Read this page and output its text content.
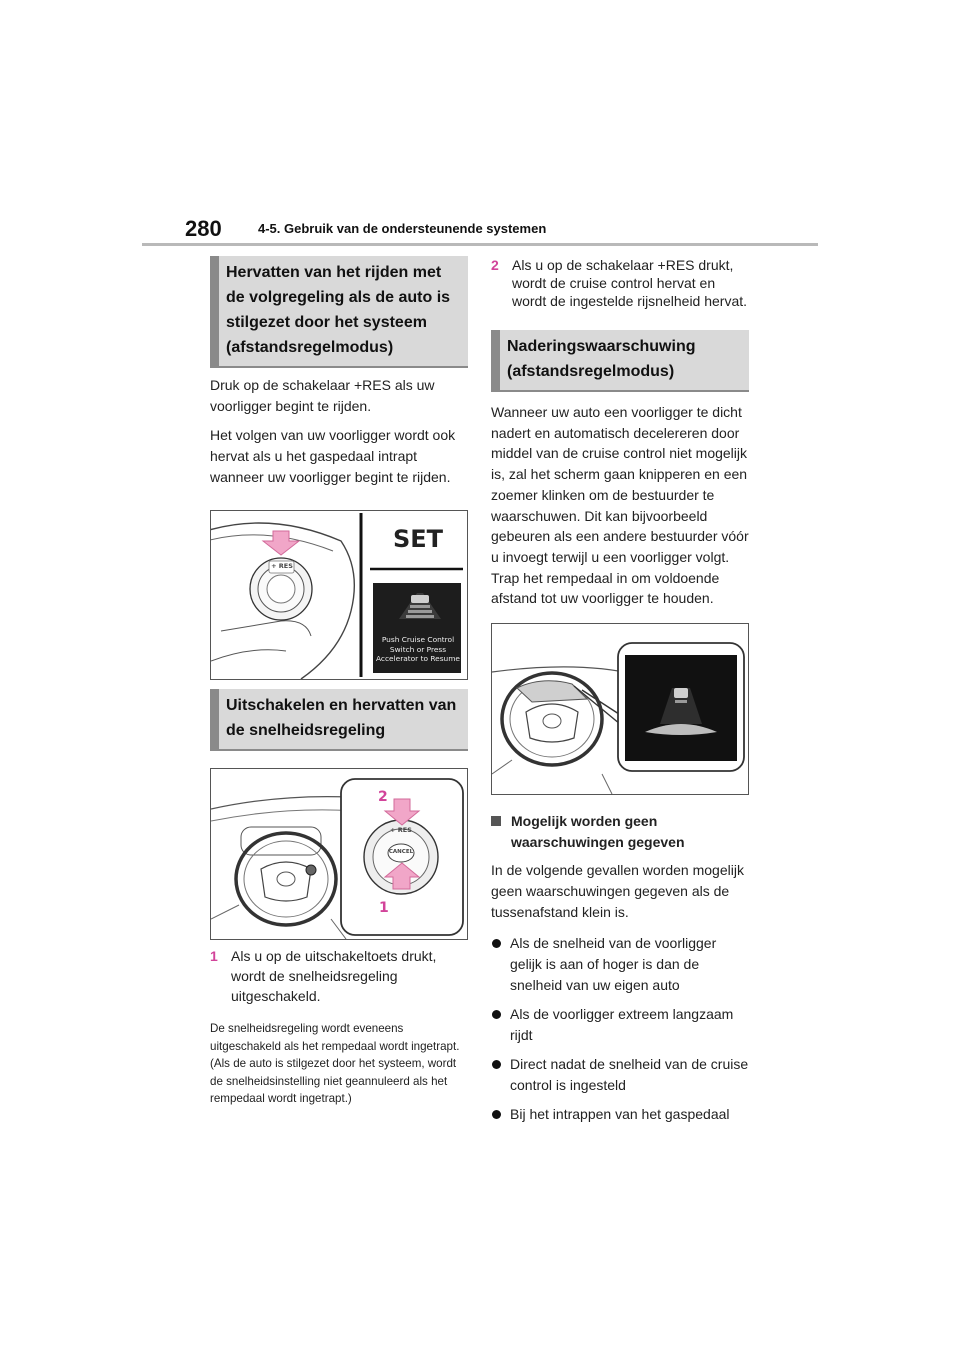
280	4-5. Gebruik van de ondersteunende systemen
Hervatten van het rijden met de volgregeling als de auto is stilgezet door het systeem (afstandsregelmodus)

Druk op de schakelaar +RES als uw voorligger begint te rijden.

Het volgen van uw voorligger wordt ook hervat als u het gaspedaal intrapt wanneer uw voorligger begint te rijden.

SET
+ RES
Push Cruise Control Switch or Press Accelerator to Resume
Uitschakelen en hervatten van de snelheidsregeling
2
1
+ RES
CANCEL
1 Als u op de uitschakeltoets drukt, wordt de snelheidsregeling uitgeschakeld.

De snelheidsregeling wordt eveneens uitgeschakeld als het rempedaal wordt ingetrapt. (Als de auto is stilgezet door het systeem, wordt de snelheidsinstelling niet geannuleerd als het rempedaal wordt ingetrapt.)

2 Als u op de schakelaar +RES drukt, wordt de cruise control hervat en wordt de ingestelde rijsnelheid hervat.
Naderingswaarschuwing (afstandsregelmodus)

Wanneer uw auto een voorligger te dicht nadert en automatisch decelereren door middel van de cruise control niet mogelijk is, zal het scherm gaan knipperen en een zoemer klinken om de bestuurder te waarschuwen. Dit kan bijvoorbeeld gebeuren als een andere bestuurder vóór u invoegt terwijl u een voorligger volgt. Trap het rempedaal in om voldoende afstand tot uw voorligger te houden.

Mogelijk worden geen waarschuwingen gegeven

In de volgende gevallen worden mogelijk geen waarschuwingen gegeven als de tussenafstand klein is.

Als de snelheid van de voorligger gelijk is aan of hoger is dan de snelheid van uw eigen auto
Als de voorligger extreem langzaam rijdt
Direct nadat de snelheid van de cruise control is ingesteld
Bij het intrappen van het gaspedaal
